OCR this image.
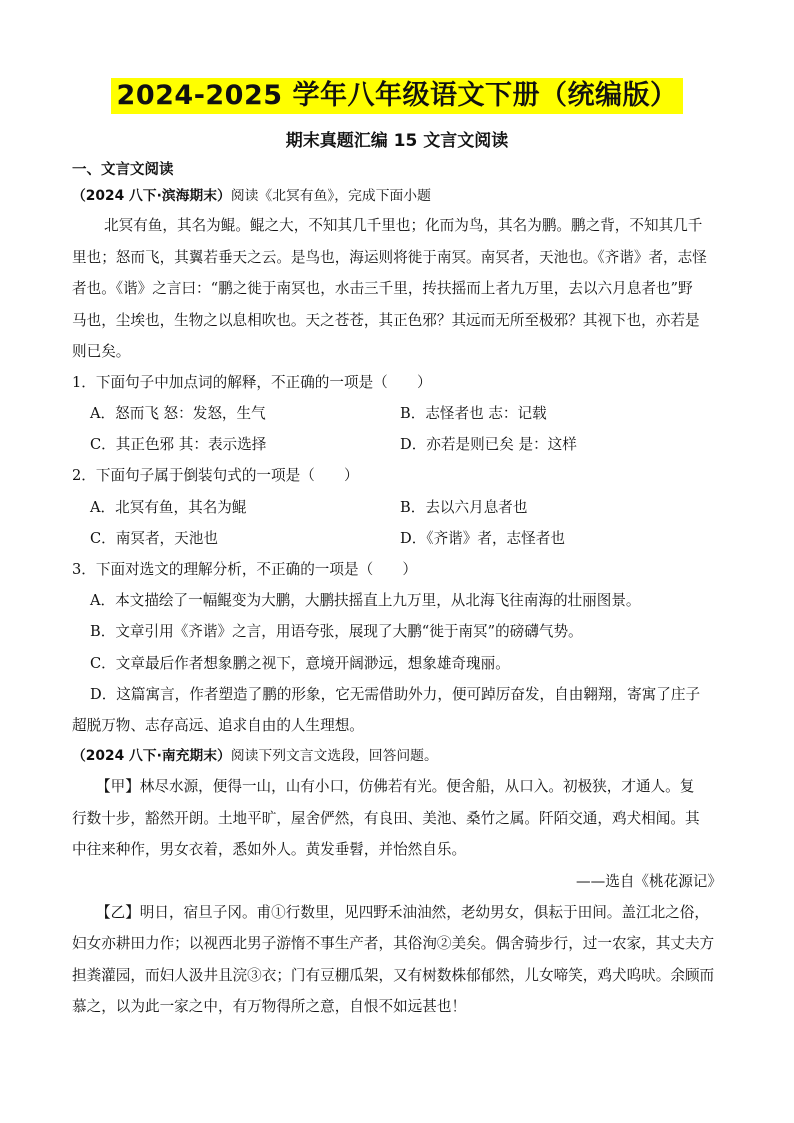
2024-2025 学年八年级语文下册（统编版）
期末真题汇编 15 文言文阅读
一、文言文阅读
（2024 八下·滨海期末）阅读《北冥有鱼》，完成下面小题
北冥有鱼，其名为鲲。鲲之大，不知其几千里也；化而为鸟，其名为鹏。鹏之背，不知其几千
里也；怒而飞，其翼若垂天之云。是鸟也，海运则将徙于南冥。南冥者，天池也。《齐谐》者，志怪
者也。《谐》之言曰：“鹏之徙于南冥也，水击三千里，抟扶摇而上者九万里，去以六月息者也”野
马也，尘埃也，生物之以息相吹也。天之苍苍，其正色邪？其远而无所至极邪？其视下也，亦若是
则已矣。
1．下面句子中加点词的解释，不正确的一项是（　　）
A．怒而飞 怒：发怒，生气	B．志怪者也 志：记载
C．其正色邪 其：表示选择	D．亦若是则已矣 是：这样
2．下面句子属于倒装句式的一项是（　　）
A．北冥有鱼，其名为鲲	B．去以六月息者也
C．南冥者，天池也	D．《齐谐》者，志怪者也
3．下面对选文的理解分析，不正确的一项是（　　）
A．本文描绘了一幅鲲变为大鹏，大鹏扶摇直上九万里，从北海飞往南海的壮丽图景。
B．文章引用《齐谐》之言，用语夸张，展现了大鹏“徙于南冥”的磅礴气势。
C．文章最后作者想象鹏之视下，意境开阔渺远，想象雄奇瑰丽。
D．这篇寓言，作者塑造了鹏的形象，它无需借助外力，便可踔厉奋发，自由翱翔，寄寓了庄子
超脱万物、志存高远、追求自由的人生理想。
（2024 八下·南充期末）阅读下列文言文选段，回答问题。
【甲】林尽水源，便得一山，山有小口，仿佛若有光。便舍船，从口入。初极狭，才通人。复
行数十步，豁然开朗。土地平旷，屋舍俨然，有良田、美池、桑竹之属。阡陌交通，鸡犬相闻。其
中往来种作，男女衣着，悉如外人。黄发垂髫，并怡然自乐。
——选自《桃花源记》
【乙】明日，宿旦子冈。甫①行数里，见四野禾油油然，老幼男女，俱耘于田间。盖江北之俗，
妇女亦耕田力作；以视西北男子游惰不事生产者，其俗洵②美矣。偶舍骑步行，过一农家，其丈夫方
担粪灌园，而妇人汲井且浣③衣；门有豆棚瓜架，又有树数株郁郁然，儿女啼笑，鸡犬呜吠。余顾而
慕之，以为此一家之中，有万物得所之意，自恨不如远甚也！
